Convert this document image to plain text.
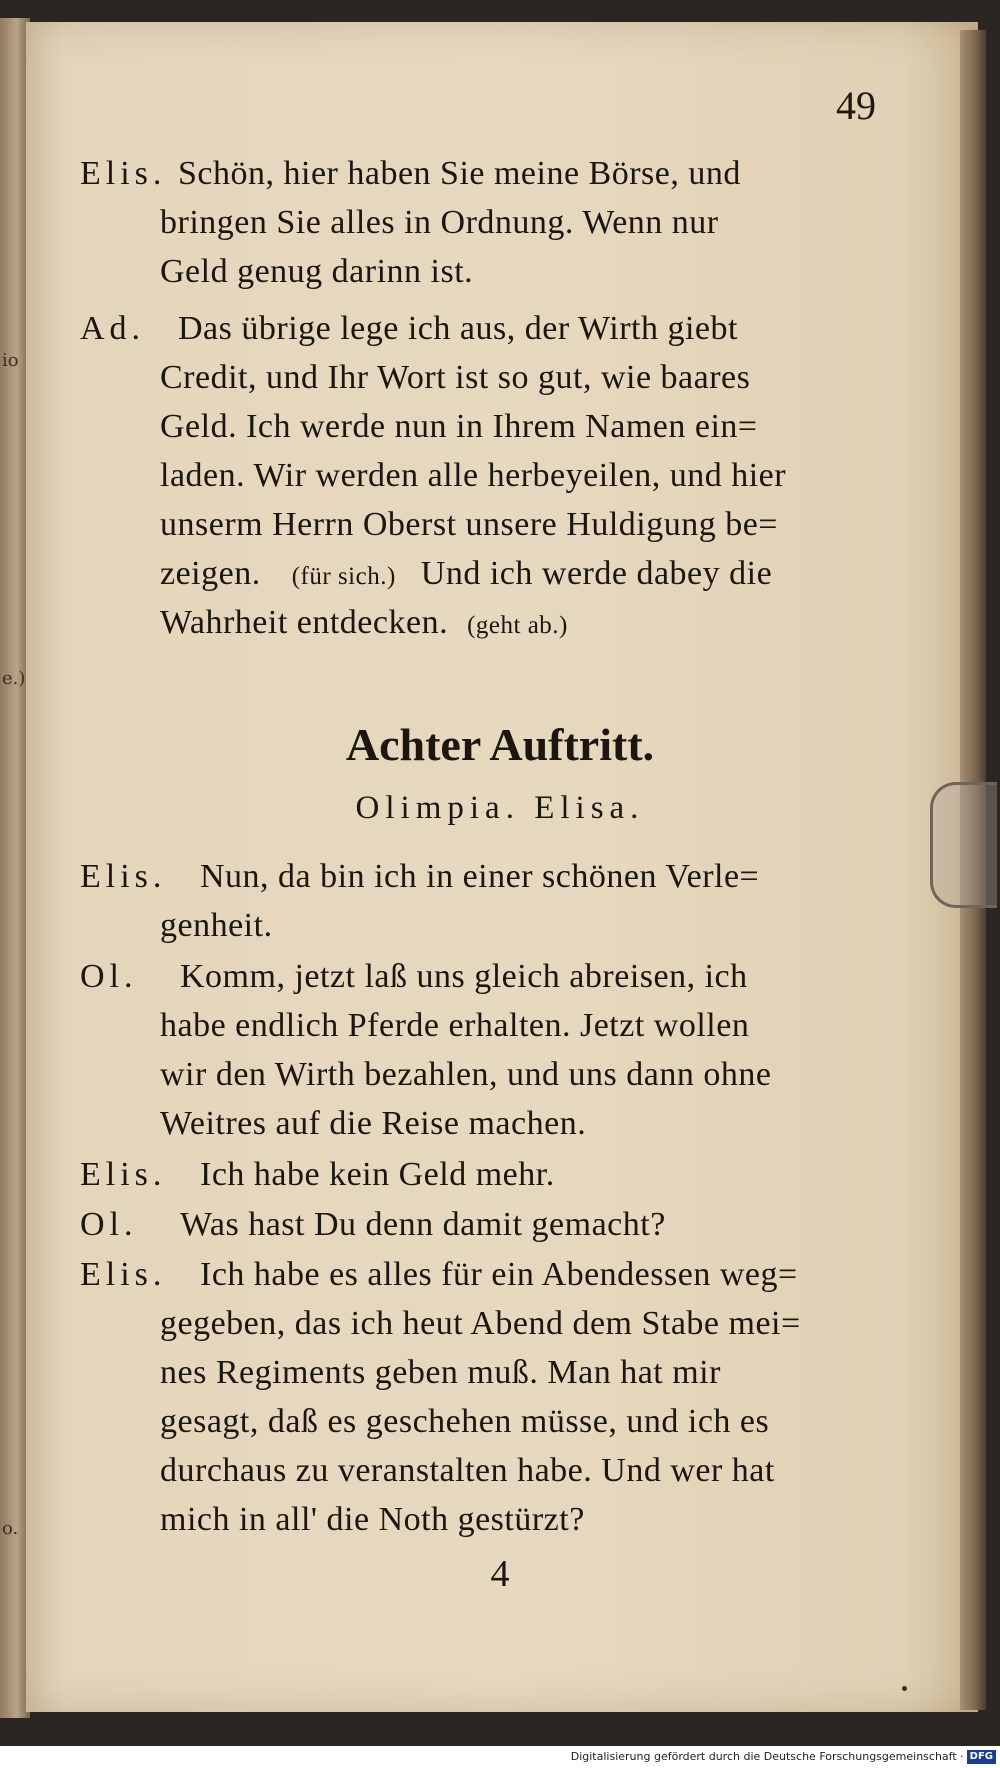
io
e.)
o.
49
Elis. Schön, hier haben Sie meine Börse, und
bringen Sie alles in Ordnung. Wenn nur
Geld genug darinn ist.
Ad. Das übrige lege ich aus, der Wirth giebt
Credit, und Ihr Wort ist so gut, wie baares
Geld. Ich werde nun in Ihrem Namen ein=
laden. Wir werden alle herbeyeilen, und hier
unserm Herrn Oberst unsere Huldigung be=
zeigen. (für sich.) Und ich werde dabey die
Wahrheit entdecken. (geht ab.)
Achter Auftritt.
Olimpia. Elisa.
Elis. Nun, da bin ich in einer schönen Verle=
genheit.
Ol. Komm, jetzt laß uns gleich abreisen, ich
habe endlich Pferde erhalten. Jetzt wollen
wir den Wirth bezahlen, und uns dann ohne
Weitres auf die Reise machen.
Elis. Ich habe kein Geld mehr.
Ol. Was hast Du denn damit gemacht?
Elis. Ich habe es alles für ein Abendessen weg=
gegeben, das ich heut Abend dem Stabe mei=
nes Regiments geben muß. Man hat mir
gesagt, daß es geschehen müsse, und ich es
durchaus zu veranstalten habe. Und wer hat
mich in all' die Noth gestürzt?
4
Digitalisierung gefördert durch die Deutsche Forschungsgemeinschaft · DFG
